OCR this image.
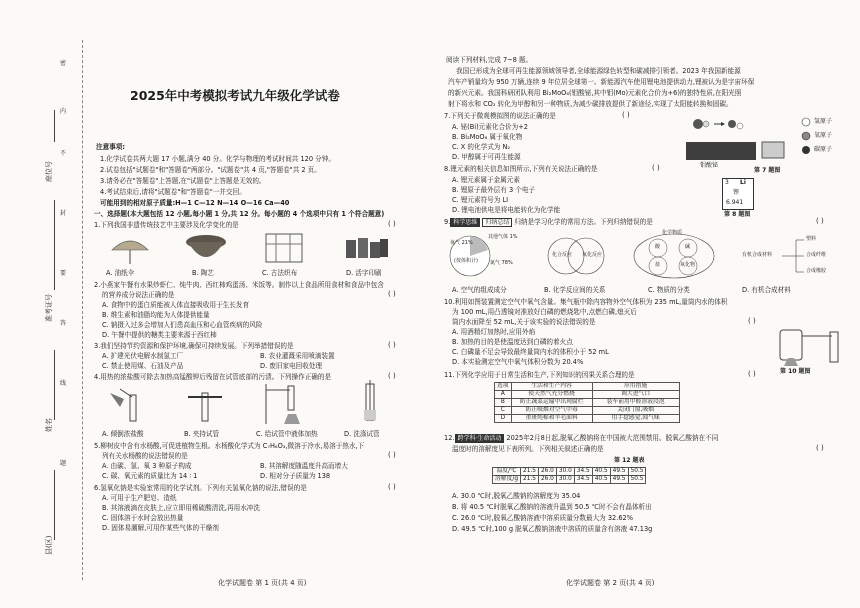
密
封
线
内
不
要
答
题
座位号
准考证号
姓名
县(区)
2025年中考模拟考试九年级化学试卷
注意事项:
1.化学试卷共两大题 17 小题,满分 40 分。化学与物理的考试时间共 120 分钟。
2.试卷包括"试题卷"和"答题卷"两部分。"试题卷"共 4 页,"答题卷"共 2 页。
3.请务必在"答题卷"上答题,在"试题卷"上答题是无效的。
4.考试结束后,请将"试题卷"和"答题卷"一并交回。
可能用到的相对原子质量:H—1 C—12 N—14 O—16 Ca—40
一、选择题(本大题包括 12 小题,每小题 1 分,共 12 分。每小题的 4 个选项中只有 1 个符合题意)
1.下列我国非遗传统技艺中主要涉及化学变化的是	( )
A. 油纸伞	B. 陶艺	C. 古法织布	D. 活字印刷
2.小燕家午餐有水果炒虾仁、炖牛肉、西红柿鸡蛋汤、米饭等。制作以上食品所用食材和食品中包含
的营养成分说法正确的是	( )
A. 食物中的蛋白质能被人体直接吸收用于生长发育
B. 维生素和油脂均能为人体提供能量
C. 钠摄入过多会增加人们患高血压和心血管疾病的风险
D. 午餐中提供的糖类主要来源于西红柿
3.我们坚持节约资源和保护环境,确保可持续发展。下列举措错误的是	( )
A. 扩建光伏电解水制氢工厂	B. 农业灌溉采用喷滴装置
C. 禁止使用煤、石油及产品	D. 废旧家电回收处理
4.用热的浓盐酸可除去加热高锰酸钾后残留在试管底部的污渍。下列操作正确的是	( )
A. 倾倒浓盐酸	B. 夹持试管	C. 给试管中液体加热	D. 洗涤试管
5.柳树皮中含有水杨酸,可促进植物生根。水杨酸化学式为 C₇H₆O₃,微溶于冷水,易溶于热水,下
列有关水杨酸的说法错误的是	( )
A. 由碳、氢、氧 3 种原子构成	B. 其溶解度随温度升高而增大
C. 碳、氧元素的质量比为 14 ∶ 1	D. 相对分子质量为 138
6.氢氧化钠是实验室常用的化学试剂。下列有关氢氧化钠的说法,错误的是	( )
A. 可用于生产肥皂、造纸
B. 其溶液滴在皮肤上,应立即用稀硫酸清洗,再用水冲洗
C. 固体溶于水时会放出热量
D. 固体易潮解,可用作某些气体的干燥剂
化学试题卷 第 1 页(共 4 页)
阅读下列材料,完成 7~8 题。
我国已形成为全球可再生能源领域领导者,全球能源绿色转型和碳减排引领者。2023 年我国新能源
汽车产销量均为 950 万辆,连续 9 年位居全球第一。新能源汽车使用锂电池提供动力,锂被认为是宇宙环保
的新兴元素。我国科研团队利用 Bi₂MoO₆(钼酸铋,其中钼(Mo)元素化合价为+6)的独特性质,在阳光照
射下将水和 CO₂ 转化为甲醇和另一种物质,为减少碳排放提供了新途径,实现了太阳能转换和固碳。
7.下列关于微观模拟图的说法正确的是	( )
A. 铋(Bi)元素化合价为+2
B. Bi₂MoO₆ 属于氧化物
C. X 的化学式为 N₂
D. 甲醇属于可再生能源
氢原子
氧原子
碳原子
钼酸铋
第 7 题图
8.锂元素的相关信息如图所示,下列有关说法正确的是	( )
A. 锂元素属于金属元素
B. 锂原子最外层有 3 个电子
C. 锂元素符号为 LI
D. 锂电池供电是将电能转化为化学能
3 Li
锂
6.941
第 8 题图
9. 科学思维 归纳总结 归纳是学习化学的常用方法。下列归纳错误的是	( )
其他气体 1%
氧气 21%
氮气 78%
(按体积计)
化合反应 氧化反应
化学物质
酸	碱
盐	氧化物
有机合成材料
塑料
合成纤维
合成橡胶
A. 空气的组成成分	B. 化学反应间的关系	C. 物质的分类	D. 有机合成材料
10.利用如图装置测定空气中氧气含量。集气瓶中除内容物外空气体积为 235 mL,量筒内水的体积
为 100 mL,用凸透镜对准放好白磷的燃烧匙中,点燃白磷,熄灭后
筒内水面降至 52 mL,关于该实验的说法错误的是	( )
A. 用酒精灯加热时,应用外焰
B. 加热的目的是使温度达到白磷的着火点
C. 白磷量不足会导致最终量筒内水的体积小于 52 mL
D. 本实验测定空气中氧气体积分数为 20.4%
第 10 题图
11.下列化学应用于日常生活和生产,下列知识的因果关系合理的是	( )
选项	生活和生产内容	应用措施
A	使天然气充分燃烧	调大进气口
B	防止蔬菜运输中出现腐烂	装车前用甲醛溶液浸泡
C	防止吸烟对空气中毒	关闭门窗,吸烟
D	重斑纯棉和羊毛面料	用手捻感觉,闻气味
12. 跨学科·生命活动 2025年2月8日起,脱氧乙酸钠将在中国被大范围禁用。脱氧乙酸钠在不同
温度时的溶解度见下表所列。下列相关叙述正确的是	( )
第 12 题表
温度/℃	21.5	26.0	30.0	34.5	40.5	49.5	50.5
溶解度/g	21.5	26.0	30.0	34.5	40.5	49.5	50.5
A. 30.0 ℃时,脱氧乙酸钠的溶解度为 35.04
B. 将 40.5 ℃时脱氧乙酸钠的溶液升温到 50.5 ℃时不会有晶体析出
C. 26.0 ℃时,脱氧乙酸钠溶液中溶质质量分数最大为 32.62%
D. 49.5 ℃时,100 g 脱氧乙酸钠溶液中溶质的质量含有溶液 47.13g
化学试题卷 第 2 页(共 4 页)
